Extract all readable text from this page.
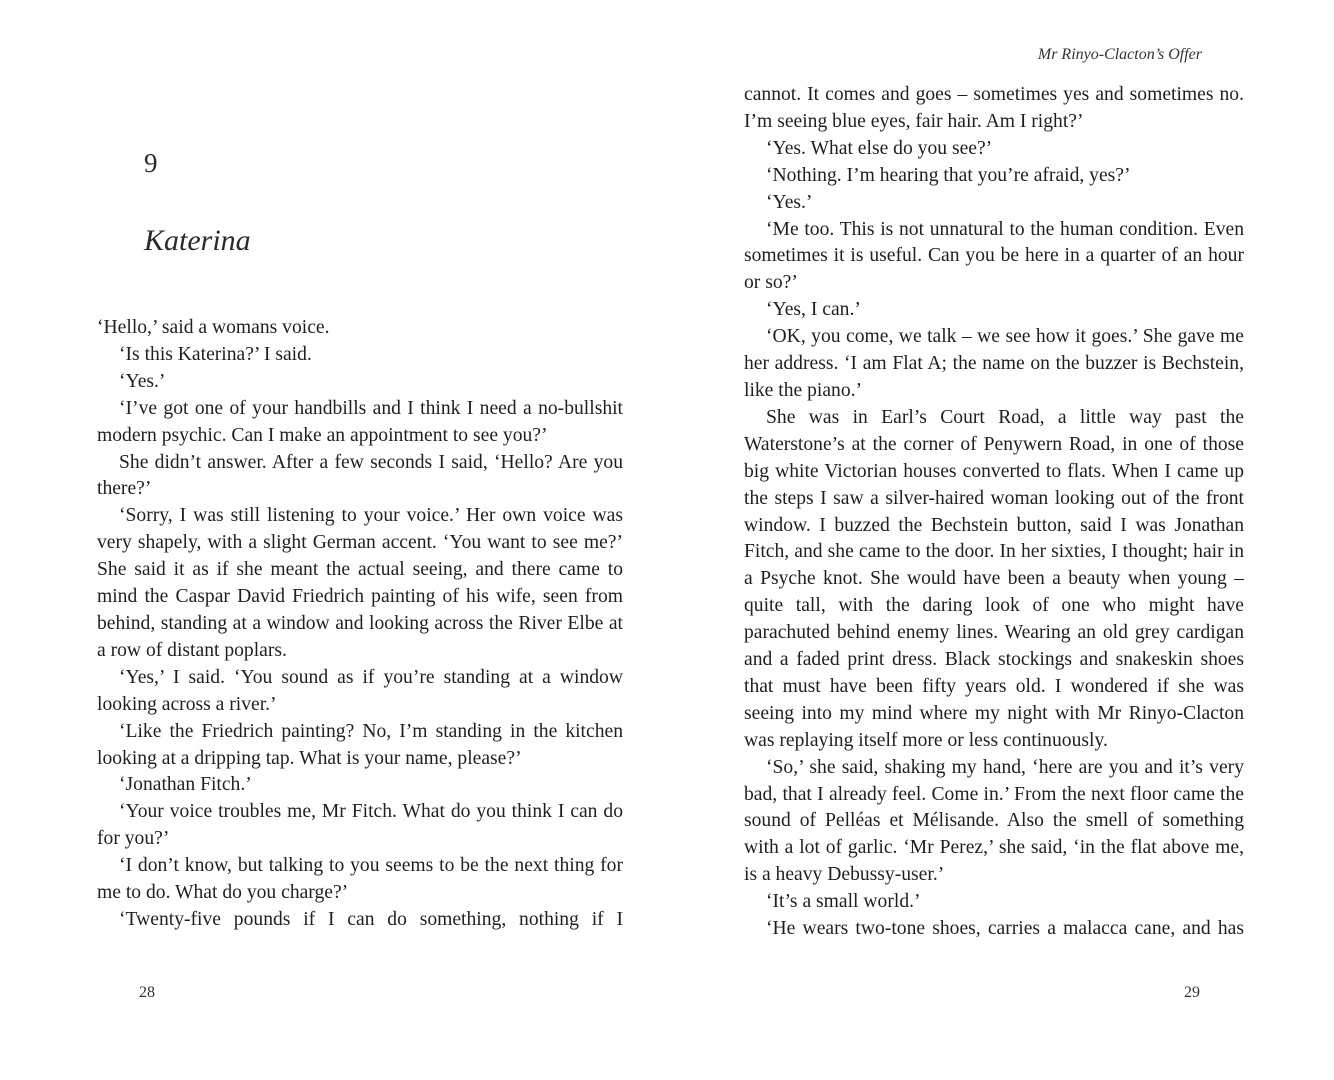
9
Katerina

‘Hello,’ said a womans voice.

‘Is this Katerina?’ I said.

‘Yes.’

‘I’ve got one of your handbills and I think I need a no-bullshit modern psychic. Can I make an appointment to see you?’

She didn’t answer. After a few seconds I said, ‘Hello? Are you there?’

‘Sorry, I was still listening to your voice.’ Her own voice was very shapely, with a slight German accent. ‘You want to see me?’ She said it as if she meant the actual seeing, and there came to mind the Caspar David Friedrich painting of his wife, seen from behind, standing at a window and looking across the River Elbe at a row of distant poplars.

‘Yes,’ I said. ‘You sound as if you’re standing at a window looking across a river.’

‘Like the Friedrich painting? No, I’m standing in the kitchen looking at a dripping tap. What is your name, please?’

‘Jonathan Fitch.’

‘Your voice troubles me, Mr Fitch. What do you think I can do for you?’

‘I don’t know, but talking to you seems to be the next thing for me to do. What do you charge?’

‘Twenty-five pounds if I can do something, nothing if I

28
Mr Rinyo-Clacton’s Offer

cannot. It comes and goes – sometimes yes and sometimes no. I’m seeing blue eyes, fair hair. Am I right?’

‘Yes. What else do you see?’

‘Nothing. I’m hearing that you’re afraid, yes?’

‘Yes.’

‘Me too. This is not unnatural to the human condition. Even sometimes it is useful. Can you be here in a quarter of an hour or so?’

‘Yes, I can.’

‘OK, you come, we talk – we see how it goes.’ She gave me her address. ‘I am Flat A; the name on the buzzer is Bechstein, like the piano.’

She was in Earl’s Court Road, a little way past the Waterstone’s at the corner of Penywern Road, in one of those big white Victorian houses converted to flats. When I came up the steps I saw a silver-haired woman looking out of the front window. I buzzed the Bechstein button, said I was Jonathan Fitch, and she came to the door. In her sixties, I thought; hair in a Psyche knot. She would have been a beauty when young – quite tall, with the daring look of one who might have parachuted behind enemy lines. Wearing an old grey cardigan and a faded print dress. Black stockings and snakeskin shoes that must have been fifty years old. I wondered if she was seeing into my mind where my night with Mr Rinyo-Clacton was replaying itself more or less continuously.

‘So,’ she said, shaking my hand, ‘here are you and it’s very bad, that I already feel. Come in.’ From the next floor came the sound of Pelléas et Mélisande. Also the smell of something with a lot of garlic. ‘Mr Perez,’ she said, ‘in the flat above me, is a heavy Debussy-user.’

‘It’s a small world.’

‘He wears two-tone shoes, carries a malacca cane, and has

29
